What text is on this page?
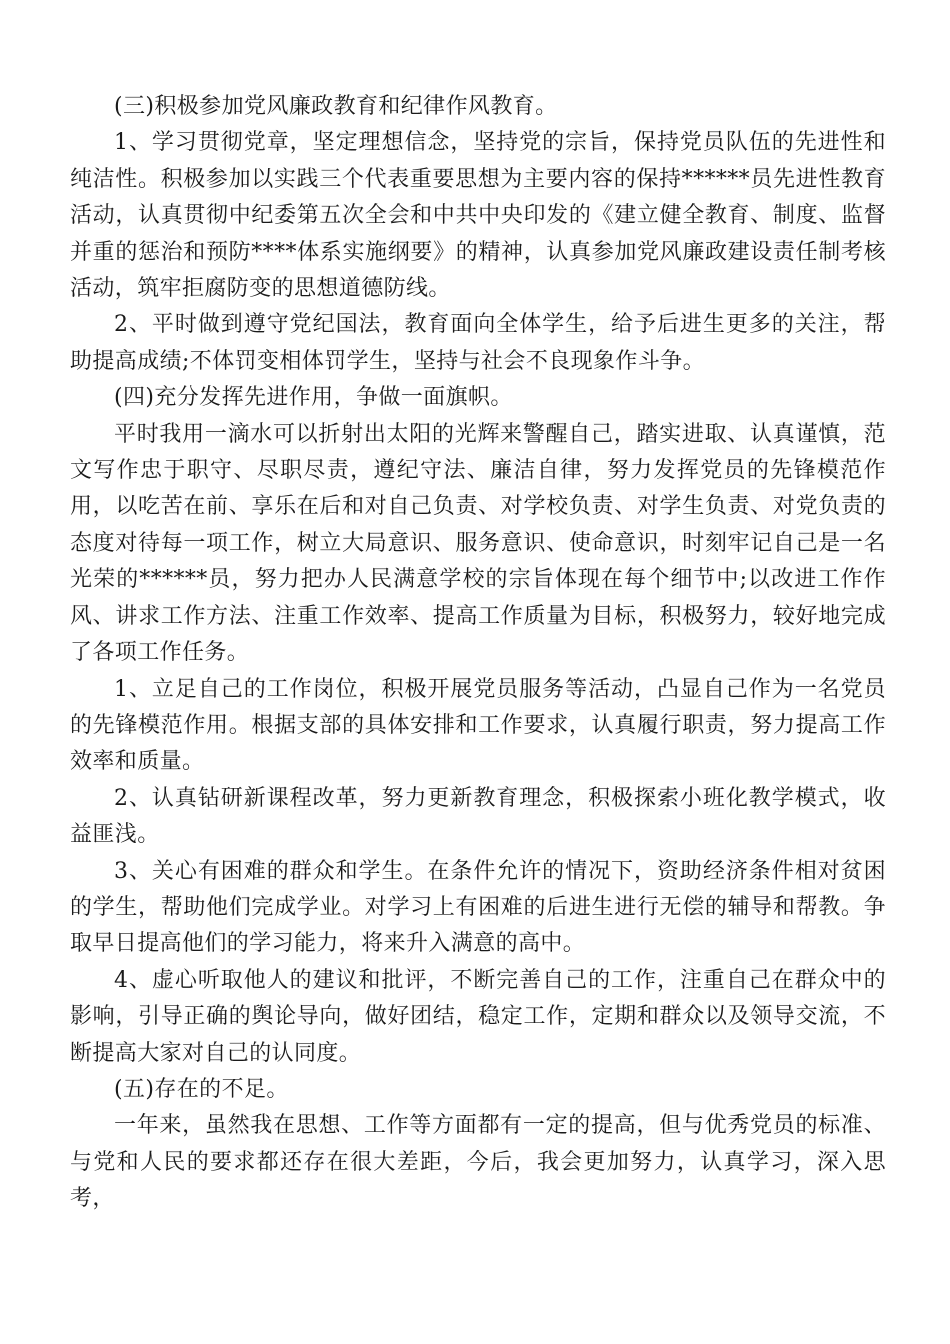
(三)积极参加党风廉政教育和纪律作风教育。

1、学习贯彻党章，坚定理想信念，坚持党的宗旨，保持党员队伍的先进性和纯洁性。积极参加以实践三个代表重要思想为主要内容的保持******员先进性教育活动，认真贯彻中纪委第五次全会和中共中央印发的《建立健全教育、制度、监督并重的惩治和预防****体系实施纲要》的精神，认真参加党风廉政建设责任制考核活动，筑牢拒腐防变的思想道德防线。

2、平时做到遵守党纪国法，教育面向全体学生，给予后进生更多的关注，帮助提高成绩;不体罚变相体罚学生，坚持与社会不良现象作斗争。

(四)充分发挥先进作用，争做一面旗帜。

平时我用一滴水可以折射出太阳的光辉来警醒自己，踏实进取、认真谨慎，范文写作忠于职守、尽职尽责，遵纪守法、廉洁自律，努力发挥党员的先锋模范作用，以吃苦在前、享乐在后和对自己负责、对学校负责、对学生负责、对党负责的态度对待每一项工作，树立大局意识、服务意识、使命意识，时刻牢记自己是一名光荣的******员，努力把办人民满意学校的宗旨体现在每个细节中;以改进工作作风、讲求工作方法、注重工作效率、提高工作质量为目标，积极努力，较好地完成了各项工作任务。

1、立足自己的工作岗位，积极开展党员服务等活动，凸显自己作为一名党员的先锋模范作用。根据支部的具体安排和工作要求，认真履行职责，努力提高工作效率和质量。

2、认真钻研新课程改革，努力更新教育理念，积极探索小班化教学模式，收益匪浅。

3、关心有困难的群众和学生。在条件允许的情况下，资助经济条件相对贫困的学生，帮助他们完成学业。对学习上有困难的后进生进行无偿的辅导和帮教。争取早日提高他们的学习能力，将来升入满意的高中。

4、虚心听取他人的建议和批评，不断完善自己的工作，注重自己在群众中的影响，引导正确的舆论导向，做好团结，稳定工作，定期和群众以及领导交流，不断提高大家对自己的认同度。

(五)存在的不足。

一年来，虽然我在思想、工作等方面都有一定的提高，但与优秀党员的标准、与党和人民的要求都还存在很大差距，今后，我会更加努力，认真学习，深入思考，
